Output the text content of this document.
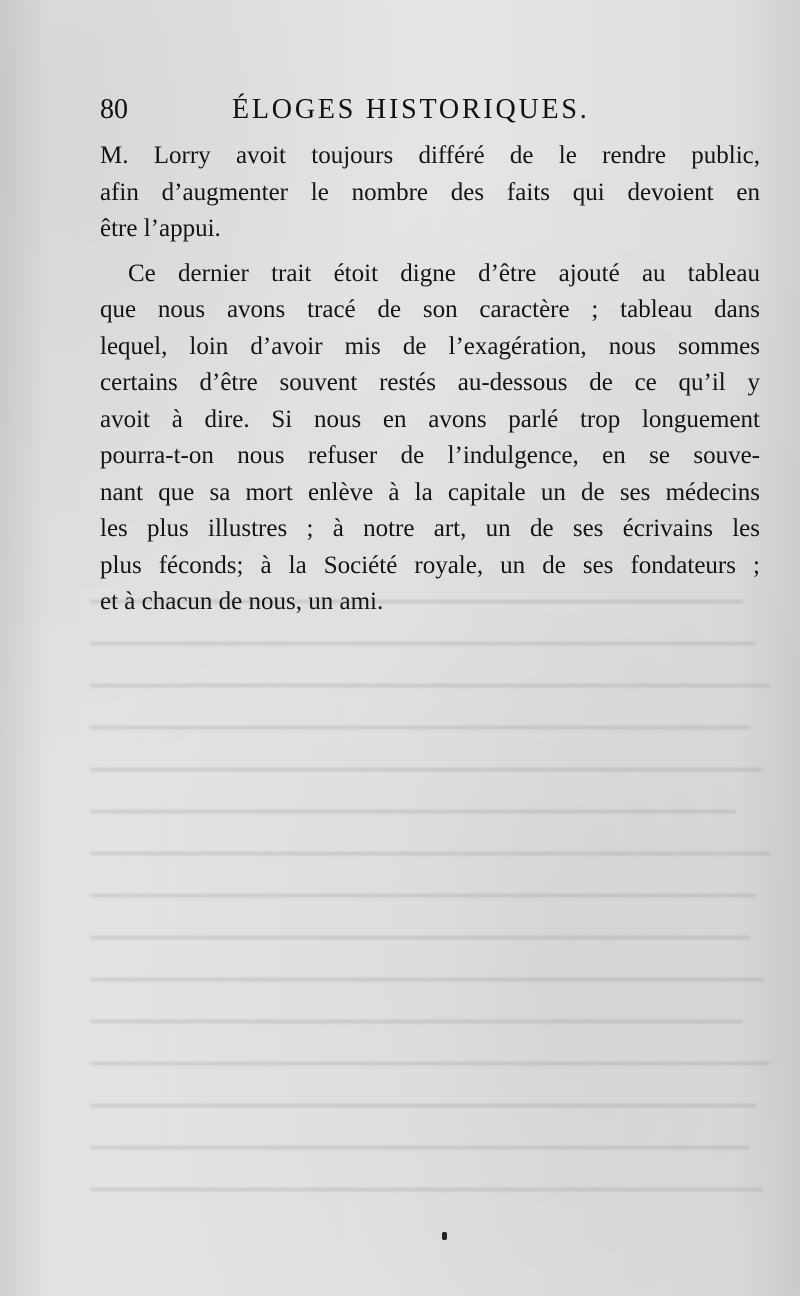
80	ÉLOGES HISTORIQUES.
M. Lorry avoit toujours différé de le rendre public,
afin d’augmenter le nombre des faits qui devoient en
être l’appui.
Ce dernier trait étoit digne d’être ajouté au tableau
que nous avons tracé de son caractère ; tableau dans
lequel, loin d’avoir mis de l’exagération, nous sommes
certains d’être souvent restés au-dessous de ce qu’il y
avoit à dire. Si nous en avons parlé trop longuement
pourra-t-on nous refuser de l’indulgence, en se souve-
nant que sa mort enlève à la capitale un de ses médecins
les plus illustres ; à notre art, un de ses écrivains les
plus féconds; à la Société royale, un de ses fondateurs ;
et à chacun de nous, un ami.
